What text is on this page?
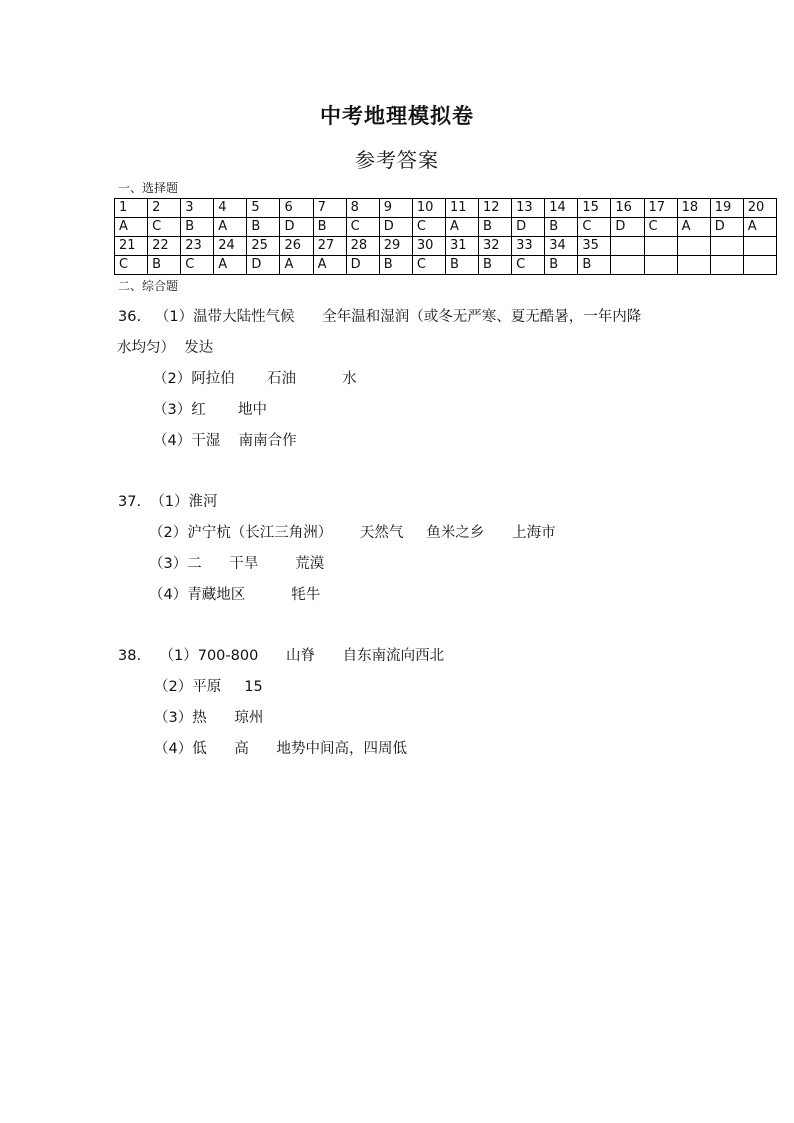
中考地理模拟卷
参考答案
一、选择题
1	2	3	4	5	6	7	8	9	10	11	12	13	14	15	16	17	18	19	20
A	C	B	A	B	D	B	C	D	C	A	B	D	B	C	D	C	A	D	A
21	22	23	24	25	26	27	28	29	30	31	32	33	34	35					
C	B	C	A	D	A	A	D	B	C	B	B	C	B	B					
二、综合题
36.   （1）温带大陆性气候      全年温和湿润（或冬无严寒、夏无酷暑，一年内降
水均匀）  发达
（2）阿拉伯       石油          水
（3）红       地中
（4）干湿    南南合作
37.  （1）淮河
（2）沪宁杭（长江三角洲）      天然气     鱼米之乡      上海市
（3）二      干旱        荒漠
（4）青藏地区          牦牛
38.    （1）700-800      山脊      自东南流向西北
（2）平原     15
（3）热      琼州
（4）低      高      地势中间高，四周低
